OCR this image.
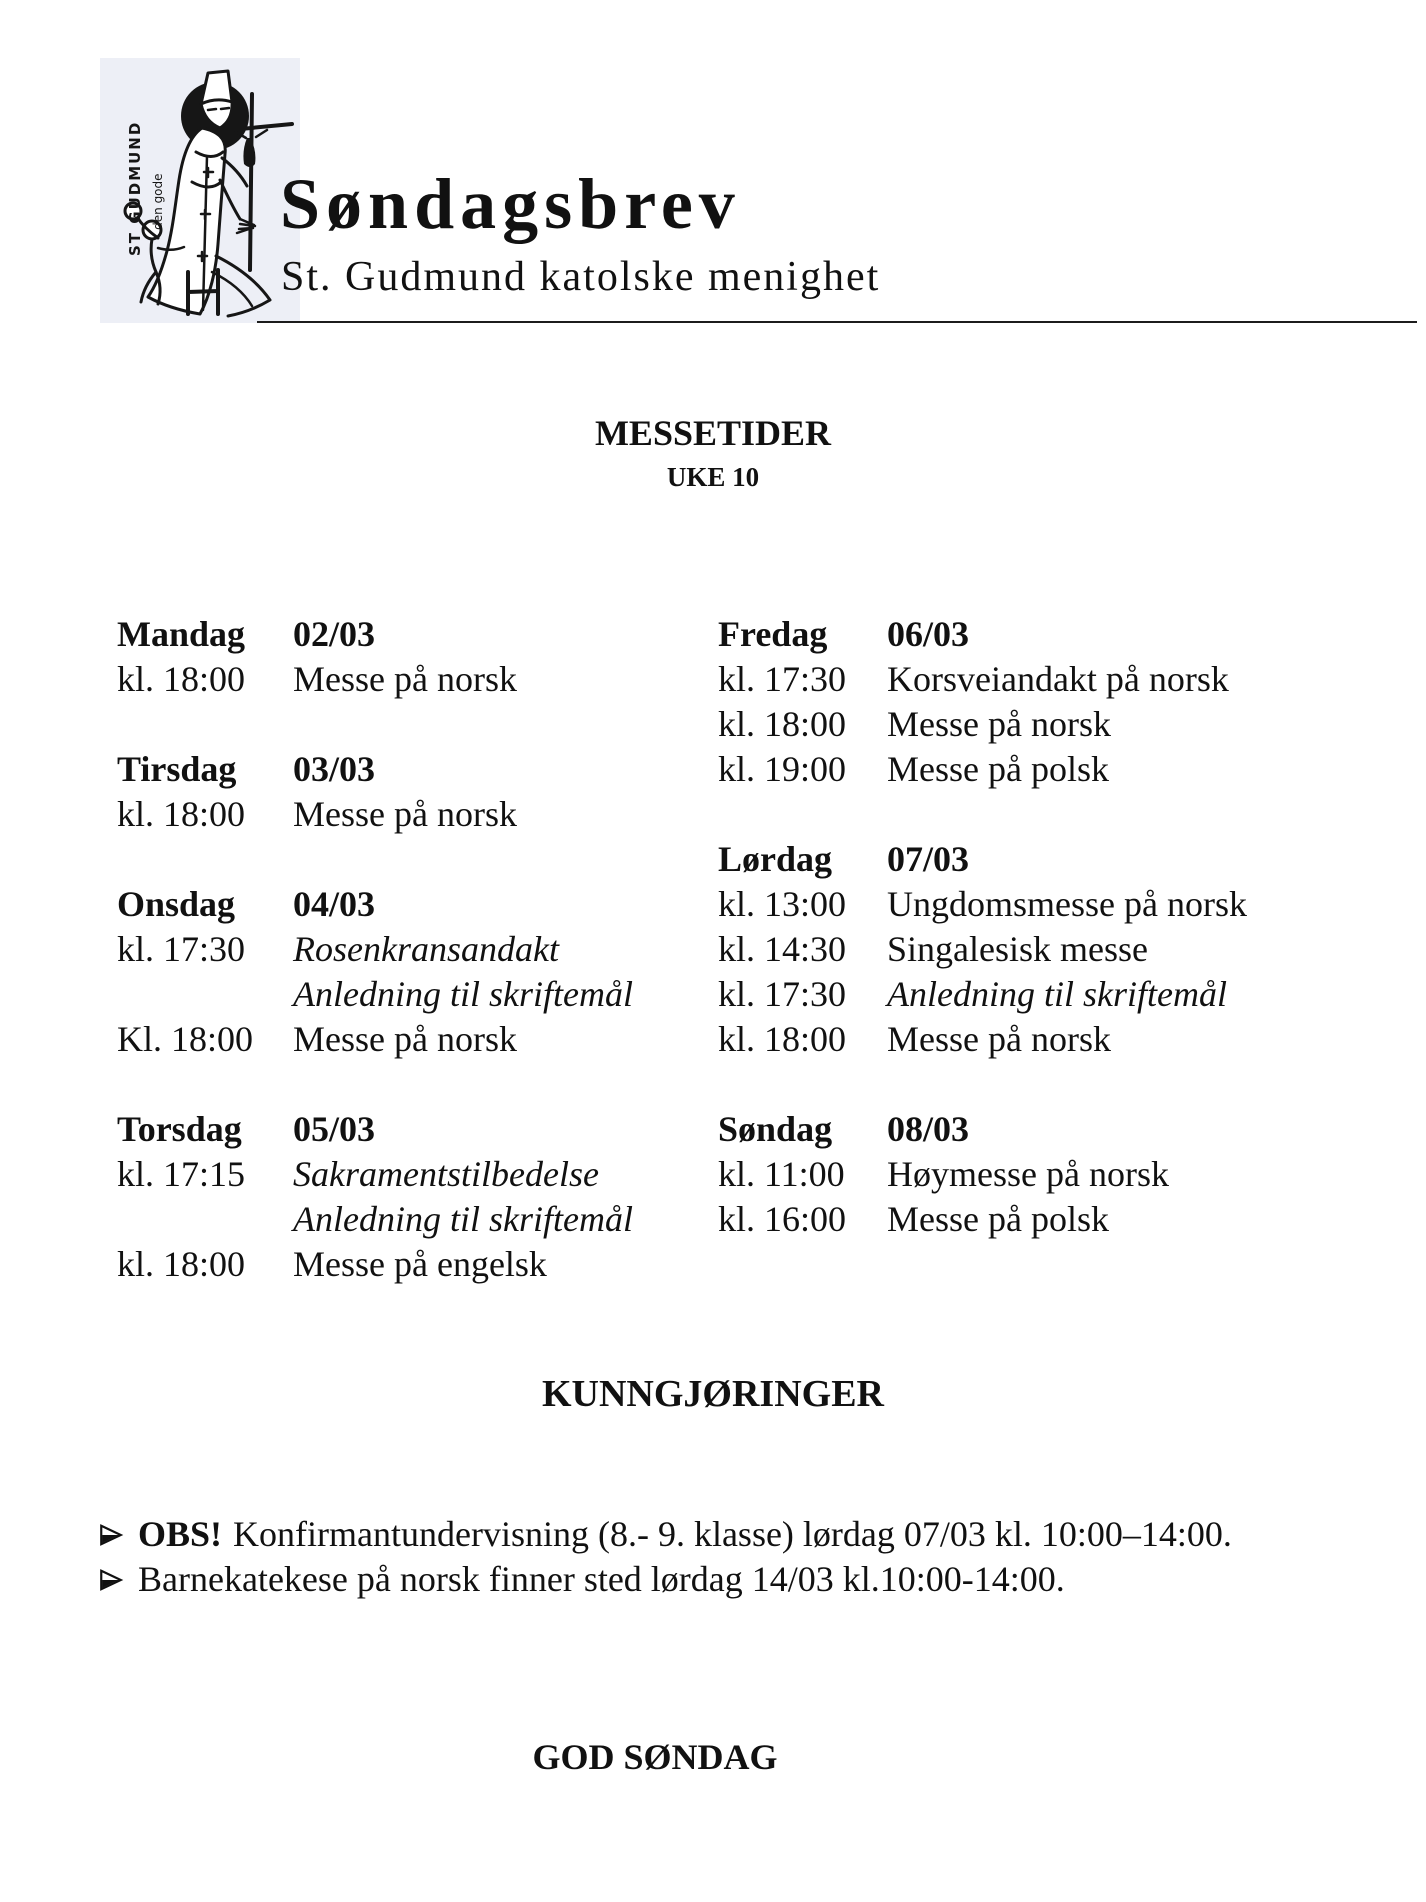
ST GUDMUND - den gode Søndagsbrev
St. Gudmund katolske menighet
MESSETIDER
UKE 10
Mandag	02/03
kl. 18:00	Messe på norsk
Tirsdag	03/03
kl. 18:00	Messe på norsk
Onsdag	04/03
kl. 17:30	Rosenkransandakt
Anledning til skriftemål
Kl. 18:00	Messe på norsk
Torsdag	05/03
kl. 17:15	Sakramentstilbedelse
Anledning til skriftemål
kl. 18:00	Messe på engelsk
Fredag	06/03
kl. 17:30	Korsveiandakt på norsk
kl. 18:00	Messe på norsk
kl. 19:00	Messe på polsk
Lørdag	07/03
kl. 13:00	Ungdomsmesse på norsk
kl. 14:30	Singalesisk messe
kl. 17:30	Anledning til skriftemål
kl. 18:00	Messe på norsk
Søndag	08/03
kl. 11:00	Høymesse på norsk
kl. 16:00	Messe på polsk
KUNNGJØRINGER
OBS! Konfirmantundervisning (8.- 9. klasse) lørdag 07/03 kl. 10:00–14:00.
Barnekatekese på norsk finner sted lørdag 14/03 kl.10:00-14:00.
GOD SØNDAG
